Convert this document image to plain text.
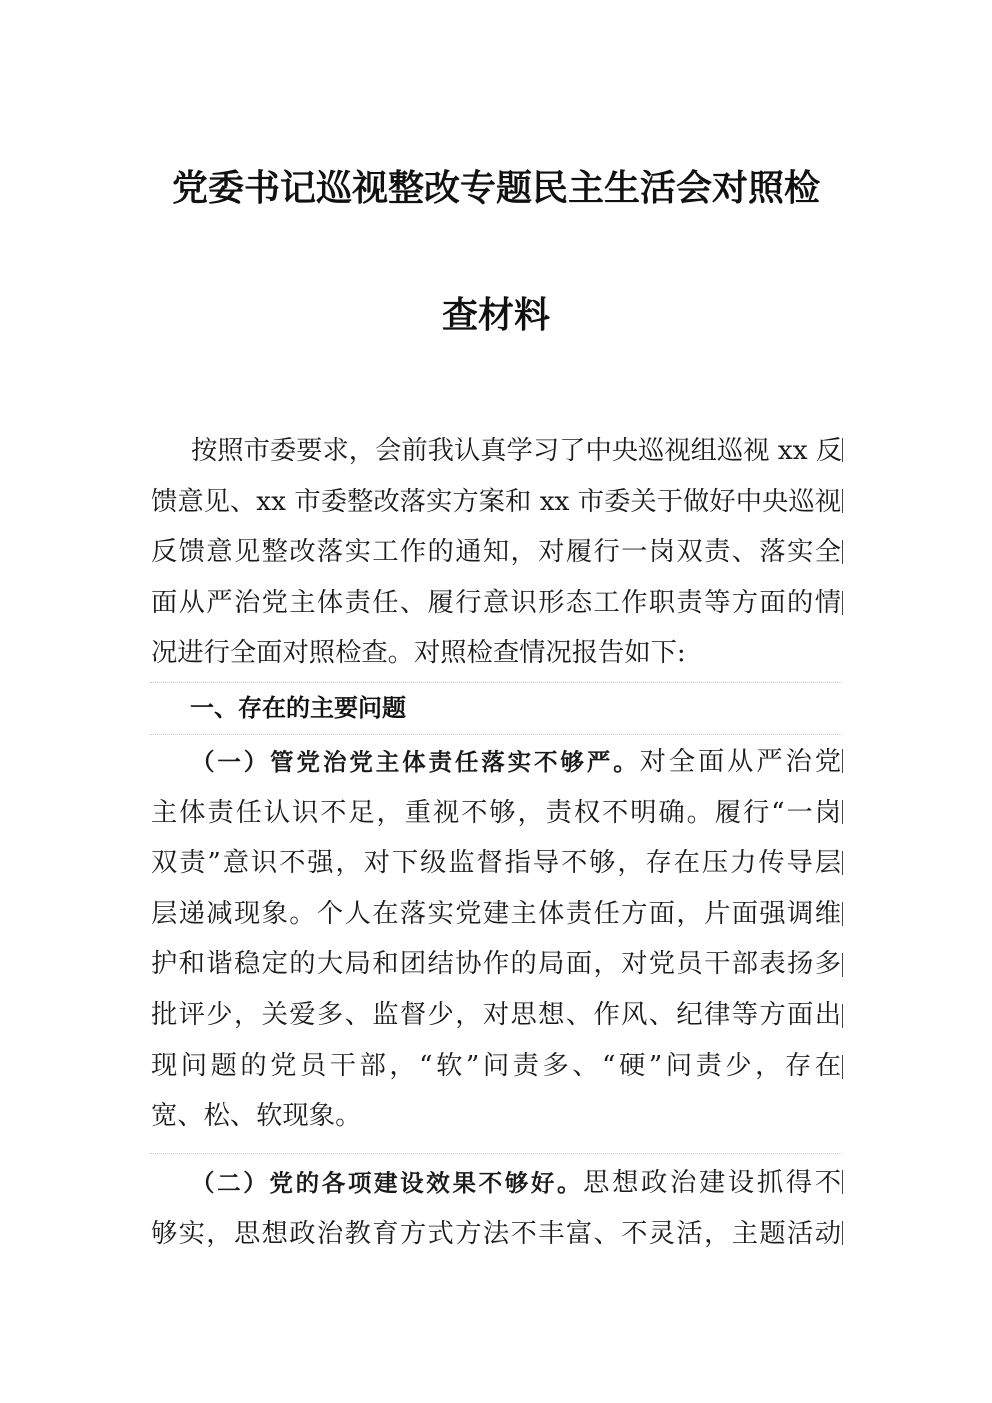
党委书记巡视整改专题民主生活会对照检
查材料
按照市委要求，会前我认真学习了中央巡视组巡视 xx 反
馈意见、xx 市委整改落实方案和 xx 市委关于做好中央巡视
反馈意见整改落实工作的通知，对履行一岗双责、落实全
面从严治党主体责任、履行意识形态工作职责等方面的情
况进行全面对照检查。对照检查情况报告如下:
一、存在的主要问题
（一）管党治党主体责任落实不够严。对全面从严治党
主体责任认识不足，重视不够，责权不明确。履行“一岗
双责”意识不强，对下级监督指导不够，存在压力传导层
层递减现象。个人在落实党建主体责任方面，片面强调维
护和谐稳定的大局和团结协作的局面，对党员干部表扬多
批评少，关爱多、监督少，对思想、作风、纪律等方面出
现问题的党员干部，“软”问责多、“硬”问责少，存在
宽、松、软现象。
（二）党的各项建设效果不够好。思想政治建设抓得不
够实，思想政治教育方式方法不丰富、不灵活，主题活动
